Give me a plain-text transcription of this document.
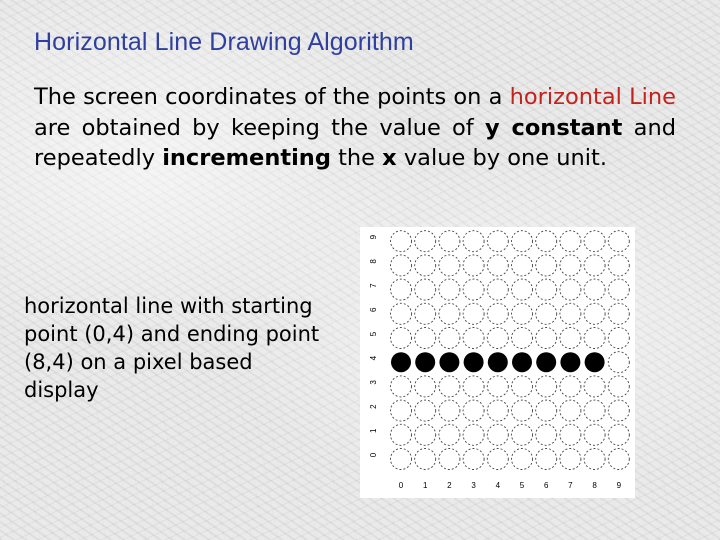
Horizontal Line Drawing Algorithm

The screen coordinates of the points on a horizontal Line are obtained by keeping the value of y constant and repeatedly incrementing the x value by one unit.

horizontal line with starting point (0,4) and ending point (8,4) on a pixel based display

0 1 2 3 4 5 6 7 8 9
0
1
2
3
4
5
6
7
8
9
